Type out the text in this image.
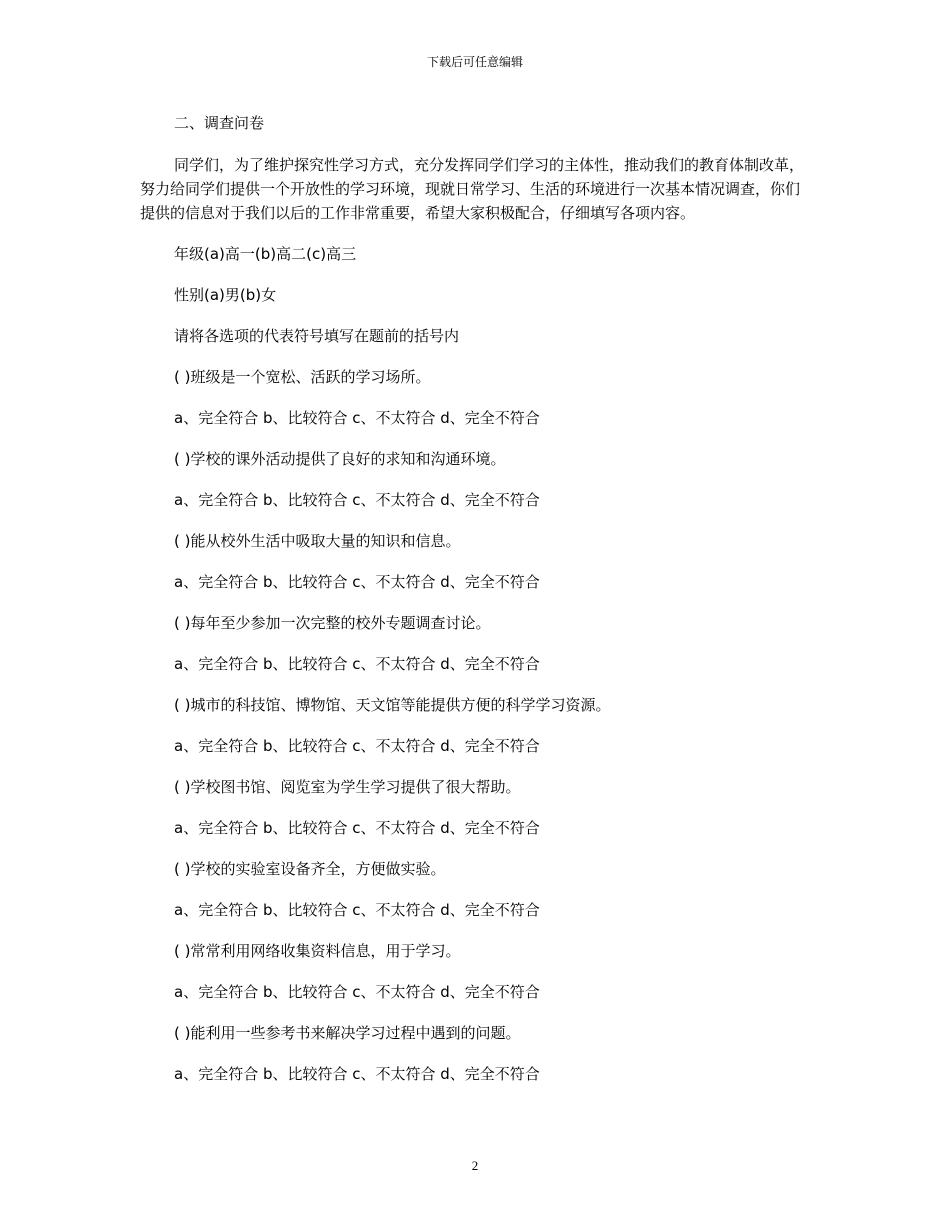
下载后可任意编辑

二、调查问卷

同学们，为了维护探究性学习方式，充分发挥同学们学习的主体性，推动我们的教育体制改革，努力给同学们提供一个开放性的学习环境，现就日常学习、生活的环境进行一次基本情况调查，你们提供的信息对于我们以后的工作非常重要，希望大家积极配合，仔细填写各项内容。

年级(a)高一(b)高二(c)高三

性别(a)男(b)女

请将各选项的代表符号填写在题前的括号内

( )班级是一个宽松、活跃的学习场所。

a、完全符合 b、比较符合 c、不太符合 d、完全不符合

( )学校的课外活动提供了良好的求知和沟通环境。

a、完全符合 b、比较符合 c、不太符合 d、完全不符合

( )能从校外生活中吸取大量的知识和信息。

a、完全符合 b、比较符合 c、不太符合 d、完全不符合

( )每年至少参加一次完整的校外专题调查讨论。

a、完全符合 b、比较符合 c、不太符合 d、完全不符合

( )城市的科技馆、博物馆、天文馆等能提供方便的科学学习资源。

a、完全符合 b、比较符合 c、不太符合 d、完全不符合

( )学校图书馆、阅览室为学生学习提供了很大帮助。

a、完全符合 b、比较符合 c、不太符合 d、完全不符合

( )学校的实验室设备齐全，方便做实验。

a、完全符合 b、比较符合 c、不太符合 d、完全不符合

( )常常利用网络收集资料信息，用于学习。

a、完全符合 b、比较符合 c、不太符合 d、完全不符合

( )能利用一些参考书来解决学习过程中遇到的问题。

a、完全符合 b、比较符合 c、不太符合 d、完全不符合

2
